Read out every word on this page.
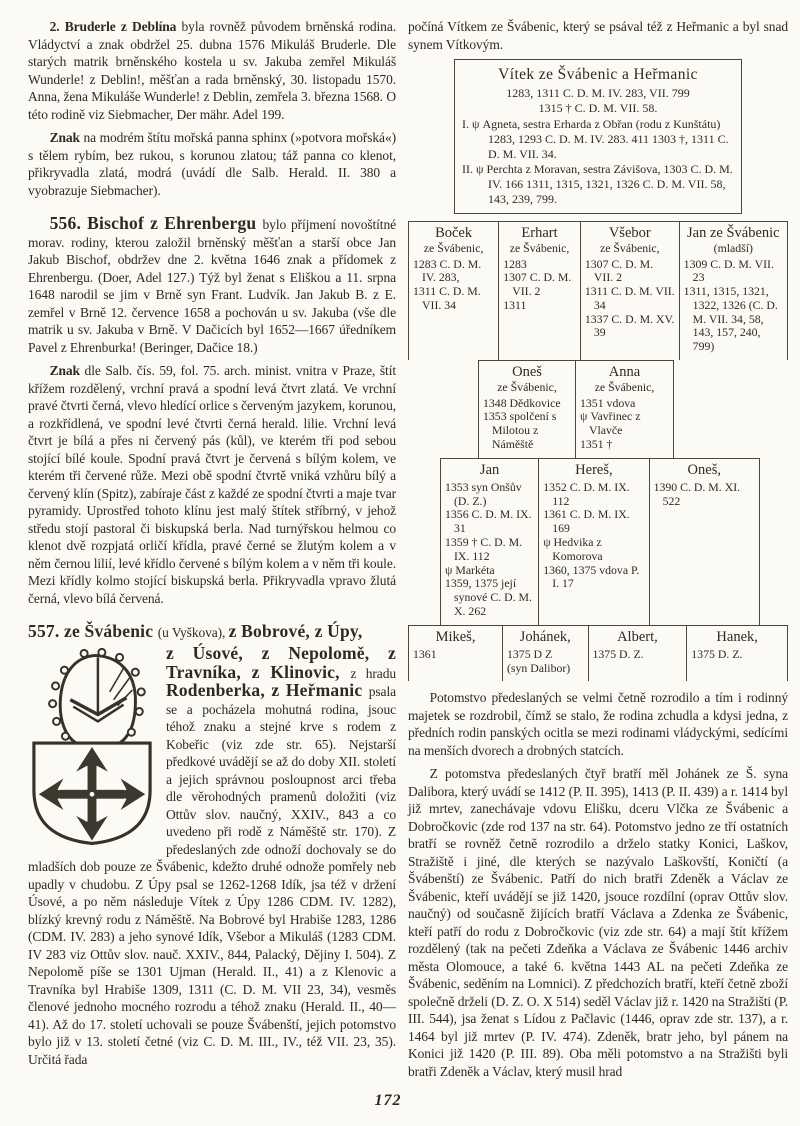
2. Bruderle z Deblína byla rovněž původem brněnská rodina. Vládyctví a znak obdržel 25. dubna 1576 Mikuláš Bruderle. Dle starých matrik brněnského kostela u sv. Jakuba zemřel Mikuláš Wunderle! z Deblin!, měšťan a rada brněnský, 30. listopadu 1570. Anna, žena Mikuláše Wunderle! z Deblin, zemřela 3. března 1568. O této rodině viz Siebmacher, Der mähr. Adel 199.

Znak na modrém štítu mořská panna sphinx (»potvora mořská«) s tělem rybím, bez rukou, s korunou zlatou; táž panna co klenot, přikryvadla zlatá, modrá (uvádí dle Salb. Herald. II. 380 a vyobrazuje Siebmacher).

556. Bischof z Ehrenbergu bylo příjmení novoštítné morav. rodiny, kterou založil brněnský měšťan a starší obce Jan Jakub Bischof, obdržev dne 2. května 1646 znak a přídomek z Ehrenbergu. (Doer, Adel 127.) Týž byl ženat s Eliškou a 11. srpna 1648 narodil se jim v Brně syn Frant. Ludvík. Jan Jakub B. z E. zemřel v Brně 12. července 1658 a pochován u sv. Jakuba (vše dle matrik u sv. Jakuba v Brně. V Dačicích byl 1652—1667 úředníkem Pavel z Ehrenburka! (Beringer, Dačice 18.)

Znak dle Salb. čís. 59, fol. 75. arch. minist. vnitra v Praze, štít křížem rozdělený, vrchní pravá a spodní levá čtvrt zlatá. Ve vrchní pravé čtvrti černá, vlevo hledící orlice s červeným jazykem, korunou, a rozkřídlená, ve spodní levé čtvrti černá herald. lilie. Vrchní levá čtvrt je bílá a přes ni červený pás (kůl), ve kterém tři pod sebou stojící bílé koule. Spodní pravá čtvrt je červená s bílým kolem, ve kterém tři červené růže. Mezi obě spodní čtvrtě vniká vzhůru bílý a červený klín (Spitz), zabíraje část z každé ze spodní čtvrti a maje tvar pyramidy. Uprostřed tohoto klínu jest malý štítek stříbrný, v jehož středu stojí pastoral či biskupská berla. Nad turnýřskou helmou co klenot dvě rozpjatá orličí křídla, pravé černé se žlutým kolem a v něm černou lilií, levé křídlo červené s bílým kolem a v něm tři koule. Mezi křídly kolmo stojící biskupská berla. Přikryvadla vpravo žlutá černá, vlevo bílá červená.

557. ze Švábenic (u Vyškova), z Bobrové, z Úpy,

z Úsové, z Nepolomě, z Travníka, z Klinovic, z hradu Rodenberka, z Heřmanic psala se a pocházela mohutná rodina, jsouc téhož znaku a stejné krve s rodem z Kobeřic (viz zde str. 65). Nejstarší předkové uvádějí se až do doby XII. století a jejich správnou posloupnost arci třeba dle věrohodných pramenů doložiti (viz Ottův slov. naučný, XXIV., 843 a co uvedeno při rodě z Náměště str. 170). Z předeslaných zde odnoží dochovaly se do mladších dob pouze ze Švábenic, kdežto druhé odnože pomřely neb upadly v chudobu. Z Úpy psal se 1262-1268 Idík, jsa též v držení Úsové, a po něm následuje Vítek z Úpy 1286 CDM. IV. 1282), blízký krevný rodu z Náměště. Na Bobrové byl Hrabiše 1283, 1286 (CDM. IV. 283) a jeho synové Idík, Všebor a Mikuláš (1283 CDM. IV 283 viz Ottův slov. nauč. XXIV., 844, Palacký, Dějiny I. 504). Z Nepolomě píše se 1301 Ujman (Herald. II., 41) a z Klenovic a Travníka byl Hrabiše 1309, 1311 (C. D. M. VII 23, 34), vesměs členové jednoho mocného rozrodu a téhož znaku (Herald. II., 40—41). Až do 17. století uchovali se pouze Švábenští, jejich potomstvo bylo již v 13. století četné (viz C. D. M. III., IV., též VII. 23, 35). Určitá řada

počíná Vítkem ze Švábenic, který se psával též z Heřmanic a byl snad synem Vítkovým.

Vítek ze Švábenic a Heřmanic
1283, 1311 C. D. M. IV. 283, VII. 799
1315 † C. D. M. VII. 58.
I. ψ Agneta, sestra Erharda z Obřan (rodu z Kunštátu) 1283, 1293 C. D. M. IV. 283. 411 1303 †, 1311 C. D. M. VII. 34.
II. ψ Perchta z Moravan, sestra Závišova, 1303 C. D. M. IV. 166 1311, 1315, 1321, 1326 C. D. M. VII. 58, 143, 239, 799.
Boček
ze Švábenic,
1283 C. D. M. IV. 283,
1311 C. D. M. VII. 34
Erhart
ze Švábenic,
1283
1307 C. D. M. VII. 2
1311
Všebor
ze Švábenic,
1307 C. D. M. VII. 2
1311 C. D. M. VII. 34
1337 C. D. M. XV. 39
Jan ze Švábenic
(mladší)
1309 C. D. M. VII. 23
1311, 1315, 1321, 1322, 1326 (C. D. M. VII. 34, 58, 143, 157, 240, 799)
Oneš
ze Švábenic,
1348 Dědkovice
1353 spolčení s Milotou z Náměště
Anna
ze Švábenic,
1351 vdova
ψ Vavřinec z Vlavče
1351 †
Jan
1353 syn Onšův (D. Z.)
1356 C. D. M. IX. 31
1359 † C. D. M. IX. 112
ψ Markéta
1359, 1375 její synové C. D. M. X. 262
Hereš,
1352 C. D. M. IX. 112
1361 C. D. M. IX. 169
ψ Hedvika z Komorova
1360, 1375 vdova P. I. 17
Oneš,
1390 C. D. M. XI. 522
Mikeš,
1361
Johánek,
1375 D Z
(syn Dalibor)
Albert,
1375 D. Z.
Hanek,
1375 D. Z.

Potomstvo předeslaných se velmi četně rozrodilo a tím i rodinný majetek se rozdrobil, čímž se stalo, že rodina zchudla a kdysi jedna, z předních rodin panských ocitla se mezi rodinami vládyckými, sedícími na menších dvorech a drobných statcích.

Z potomstva předeslaných čtyř bratří měl Johánek ze Š. syna Dalibora, který uvádí se 1412 (P. II. 395), 1413 (P. II. 439) a r. 1414 byl již mrtev, zanechávaje vdovu Elišku, dceru Vlčka ze Švábenic a Dobročkovic (zde rod 137 na str. 64). Potomstvo jedno ze tří ostatních bratří se rovněž četně rozrodilo a drželo statky Konici, Laškov, Stražiště i jiné, dle kterých se nazývalo Laškovští, Koničtí (a Švábenští) ze Švábenic. Patří do nich bratři Zdeněk a Václav ze Švábenic, kteří uvádějí se již 1420, jsouce rozdílní (oprav Ottův slov. naučný) od současně žijících bratří Václava a Zdenka ze Švábenic, kteří patří do rodu z Dobročkovic (viz zde str. 64) a mají štít křížem rozdělený (tak na pečeti Zdeňka a Václava ze Švábenic 1446 archiv města Olomouce, a také 6. května 1443 AL na pečeti Zdeňka ze Švábenic, seděním na Lomnici). Z předchozích bratří, kteří četně zboží společně drželi (D. Z. O. X 514) seděl Václav již r. 1420 na Stražišti (P. III. 544), jsa ženat s Lídou z Pačlavic (1446, oprav zde str. 137), a r. 1464 byl již mrtev (P. IV. 474). Zdeněk, bratr jeho, byl pánem na Konici již 1420 (P. III. 89). Oba měli potomstvo a na Stražišti byli bratři Zdeněk a Václav, který musil hrad

172
